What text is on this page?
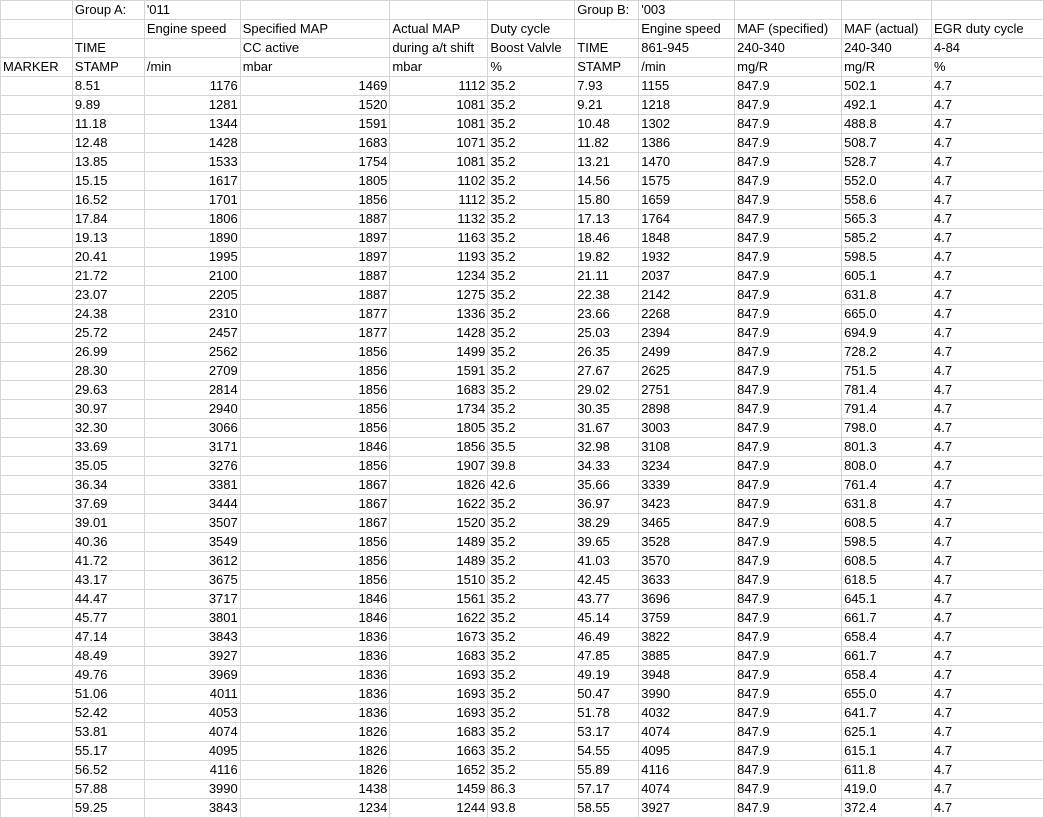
	Group A:	'011				Group B:	'003			
		Engine speed	Specified MAP	Actual MAP	Duty cycle		Engine speed	MAF (specified)	MAF (actual)	EGR duty cycle
	TIME		CC active	during a/t shift	Boost Valvle	TIME	861-945	240-340	240-340	4-84
MARKER	STAMP	/min	mbar	mbar	%	STAMP	/min	mg/R	mg/R	%
	8.51	1176	1469	1112	35.2	7.93	1155	847.9	502.1	4.7
	9.89	1281	1520	1081	35.2	9.21	1218	847.9	492.1	4.7
	11.18	1344	1591	1081	35.2	10.48	1302	847.9	488.8	4.7
	12.48	1428	1683	1071	35.2	11.82	1386	847.9	508.7	4.7
	13.85	1533	1754	1081	35.2	13.21	1470	847.9	528.7	4.7
	15.15	1617	1805	1102	35.2	14.56	1575	847.9	552.0	4.7
	16.52	1701	1856	1112	35.2	15.80	1659	847.9	558.6	4.7
	17.84	1806	1887	1132	35.2	17.13	1764	847.9	565.3	4.7
	19.13	1890	1897	1163	35.2	18.46	1848	847.9	585.2	4.7
	20.41	1995	1897	1193	35.2	19.82	1932	847.9	598.5	4.7
	21.72	2100	1887	1234	35.2	21.11	2037	847.9	605.1	4.7
	23.07	2205	1887	1275	35.2	22.38	2142	847.9	631.8	4.7
	24.38	2310	1877	1336	35.2	23.66	2268	847.9	665.0	4.7
	25.72	2457	1877	1428	35.2	25.03	2394	847.9	694.9	4.7
	26.99	2562	1856	1499	35.2	26.35	2499	847.9	728.2	4.7
	28.30	2709	1856	1591	35.2	27.67	2625	847.9	751.5	4.7
	29.63	2814	1856	1683	35.2	29.02	2751	847.9	781.4	4.7
	30.97	2940	1856	1734	35.2	30.35	2898	847.9	791.4	4.7
	32.30	3066	1856	1805	35.2	31.67	3003	847.9	798.0	4.7
	33.69	3171	1846	1856	35.5	32.98	3108	847.9	801.3	4.7
	35.05	3276	1856	1907	39.8	34.33	3234	847.9	808.0	4.7
	36.34	3381	1867	1826	42.6	35.66	3339	847.9	761.4	4.7
	37.69	3444	1867	1622	35.2	36.97	3423	847.9	631.8	4.7
	39.01	3507	1867	1520	35.2	38.29	3465	847.9	608.5	4.7
	40.36	3549	1856	1489	35.2	39.65	3528	847.9	598.5	4.7
	41.72	3612	1856	1489	35.2	41.03	3570	847.9	608.5	4.7
	43.17	3675	1856	1510	35.2	42.45	3633	847.9	618.5	4.7
	44.47	3717	1846	1561	35.2	43.77	3696	847.9	645.1	4.7
	45.77	3801	1846	1622	35.2	45.14	3759	847.9	661.7	4.7
	47.14	3843	1836	1673	35.2	46.49	3822	847.9	658.4	4.7
	48.49	3927	1836	1683	35.2	47.85	3885	847.9	661.7	4.7
	49.76	3969	1836	1693	35.2	49.19	3948	847.9	658.4	4.7
	51.06	4011	1836	1693	35.2	50.47	3990	847.9	655.0	4.7
	52.42	4053	1836	1693	35.2	51.78	4032	847.9	641.7	4.7
	53.81	4074	1826	1683	35.2	53.17	4074	847.9	625.1	4.7
	55.17	4095	1826	1663	35.2	54.55	4095	847.9	615.1	4.7
	56.52	4116	1826	1652	35.2	55.89	4116	847.9	611.8	4.7
	57.88	3990	1438	1459	86.3	57.17	4074	847.9	419.0	4.7
	59.25	3843	1234	1244	93.8	58.55	3927	847.9	372.4	4.7
